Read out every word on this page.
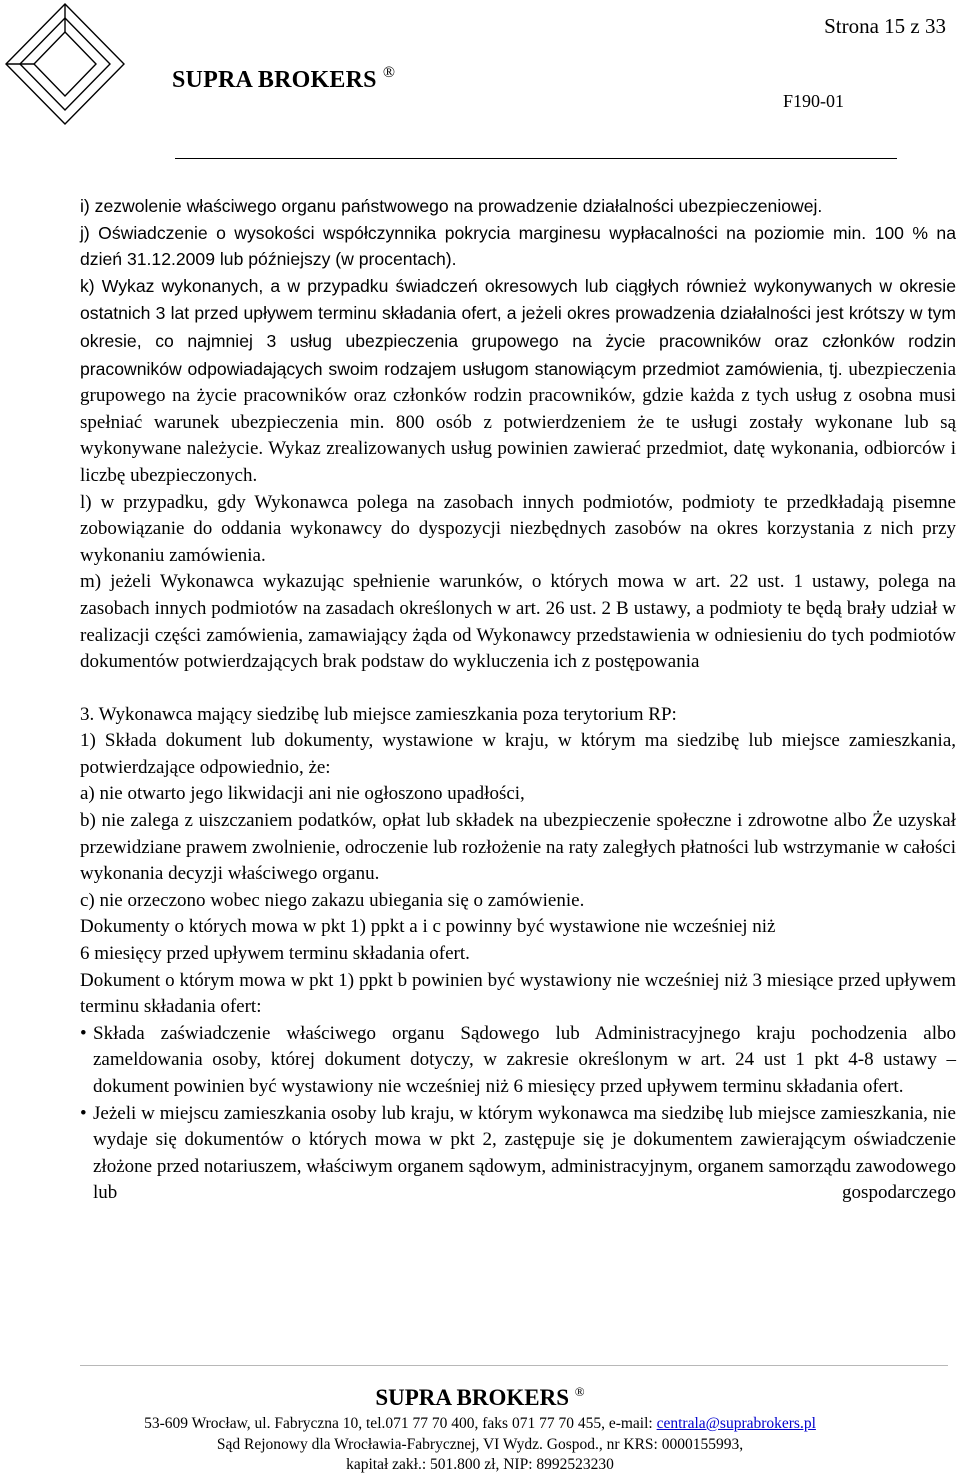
Strona 15 z 33
SUPRA BROKERS ®
F190-01

i) zezwolenie właściwego organu państwowego na prowadzenie działalności ubezpieczeniowej.

j) Oświadczenie o wysokości współczynnika pokrycia marginesu wypłacalności na poziomie min. 100 % na dzień 31.12.2009 lub późniejszy (w procentach).

k) Wykaz wykonanych, a w przypadku świadczeń okresowych lub ciągłych również wykonywanych w okresie ostatnich 3 lat przed upływem terminu składania ofert, a jeżeli okres prowadzenia działalności jest krótszy w tym okresie, co najmniej 3 usług ubezpieczenia grupowego na życie pracowników oraz członków rodzin pracowników odpowiadających swoim rodzajem usługom stanowiącym przedmiot zamówienia, tj. ubezpieczenia grupowego na życie pracowników oraz członków rodzin pracowników, gdzie każda z tych usług z osobna musi spełniać warunek ubezpieczenia min. 800 osób z potwierdzeniem że te usługi zostały wykonane lub są wykonywane należycie. Wykaz zrealizowanych usług powinien zawierać przedmiot, datę wykonania, odbiorców i liczbę ubezpieczonych.

l) w przypadku, gdy Wykonawca polega na zasobach innych podmiotów, podmioty te przedkładają pisemne zobowiązanie do oddania wykonawcy do dyspozycji niezbędnych zasobów na okres korzystania z nich przy wykonaniu zamówienia.

m) jeżeli Wykonawca wykazując spełnienie warunków, o których mowa w art. 22 ust. 1 ustawy, polega na zasobach innych podmiotów na zasadach określonych w art. 26 ust. 2 B ustawy, a podmioty te będą brały udział w realizacji części zamówienia, zamawiający żąda od Wykonawcy przedstawienia w odniesieniu do tych podmiotów dokumentów potwierdzających brak podstaw do wykluczenia ich z postępowania

3. Wykonawca mający siedzibę lub miejsce zamieszkania poza terytorium RP:

1) Składa dokument lub dokumenty, wystawione w kraju, w którym ma siedzibę lub miejsce zamieszkania, potwierdzające odpowiednio, że:

a) nie otwarto jego likwidacji ani nie ogłoszono upadłości,

b) nie zalega z uiszczaniem podatków, opłat lub składek na ubezpieczenie społeczne i zdrowotne albo Że uzyskał przewidziane prawem zwolnienie, odroczenie lub rozłożenie na raty zaległych płatności lub wstrzymanie w całości wykonania decyzji właściwego organu.

c) nie orzeczono wobec niego zakazu ubiegania się o zamówienie.

Dokumenty o których mowa w pkt 1) ppkt a i c powinny być wystawione nie wcześniej niż

6 miesięcy przed upływem terminu składania ofert.

Dokument o którym mowa w pkt 1) ppkt b powinien być wystawiony nie wcześniej niż 3 miesiące przed upływem terminu składania ofert:

• Składa zaświadczenie właściwego organu Sądowego lub Administracyjnego kraju pochodzenia albo zameldowania osoby, której dokument dotyczy, w zakresie określonym w art. 24 ust 1 pkt 4-8 ustawy – dokument powinien być wystawiony nie wcześniej niż 6 miesięcy przed upływem terminu składania ofert.
• Jeżeli w miejscu zamieszkania osoby lub kraju, w którym wykonawca ma siedzibę lub miejsce zamieszkania, nie wydaje się dokumentów o których mowa w pkt 2, zastępuje się je dokumentem zawierającym oświadczenie złożone przed notariuszem, właściwym organem sądowym, administracyjnym, organem samorządu zawodowego lub gospodarczego
SUPRA BROKERS ®
53-609 Wrocław, ul. Fabryczna 10, tel.071 77 70 400, faks 071 77 70 455, e-mail: centrala@suprabrokers.pl
Sąd Rejonowy dla Wrocławia-Fabrycznej, VI Wydz. Gospod., nr KRS: 0000155993,
kapitał zakł.: 501.800 zł, NIP: 8992523230
